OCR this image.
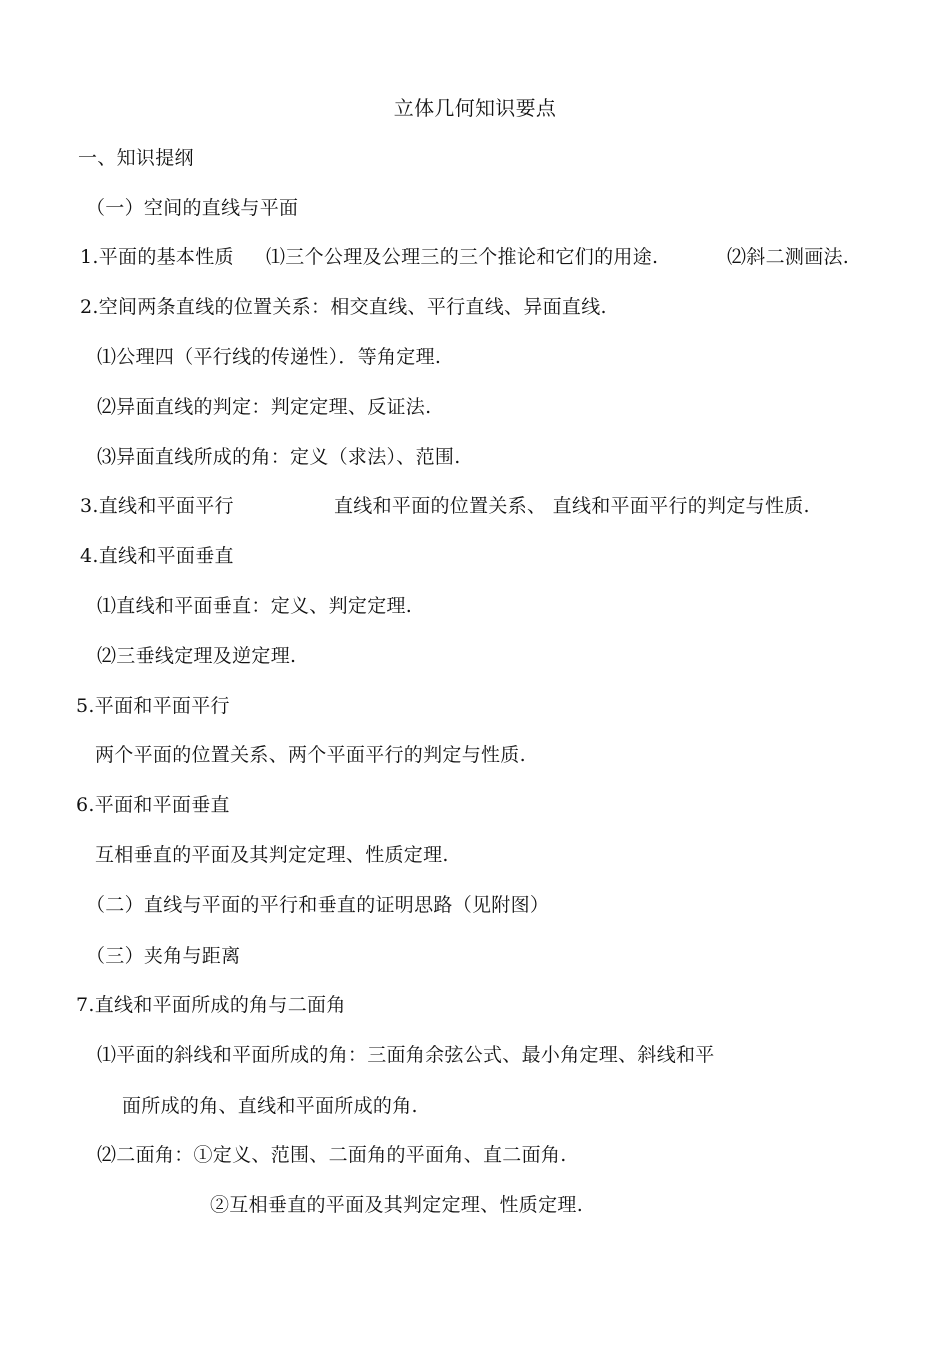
立体几何知识要点
一、知识提纲
（一）空间的直线与平面
1.平面的基本性质 ⑴三个公理及公理三的三个推论和它们的用途.	⑵斜二测画法.
2.空间两条直线的位置关系：相交直线、平行直线、异面直线.
⑴公理四（平行线的传递性）．等角定理.
⑵异面直线的判定：判定定理、反证法.
⑶异面直线所成的角：定义（求法）、范围.
3.直线和平面平行	直线和平面的位置关系、 直线和平面平行的判定与性质.
4.直线和平面垂直
⑴直线和平面垂直：定义、判定定理.
⑵三垂线定理及逆定理.
5.平面和平面平行
两个平面的位置关系、两个平面平行的判定与性质.
6.平面和平面垂直
互相垂直的平面及其判定定理、性质定理.
（二）直线与平面的平行和垂直的证明思路（见附图）
（三）夹角与距离
7.直线和平面所成的角与二面角
⑴平面的斜线和平面所成的角：三面角余弦公式、最小角定理、斜线和平
面所成的角、直线和平面所成的角.
⑵二面角：①定义、范围、二面角的平面角、直二面角.
②互相垂直的平面及其判定定理、性质定理.
